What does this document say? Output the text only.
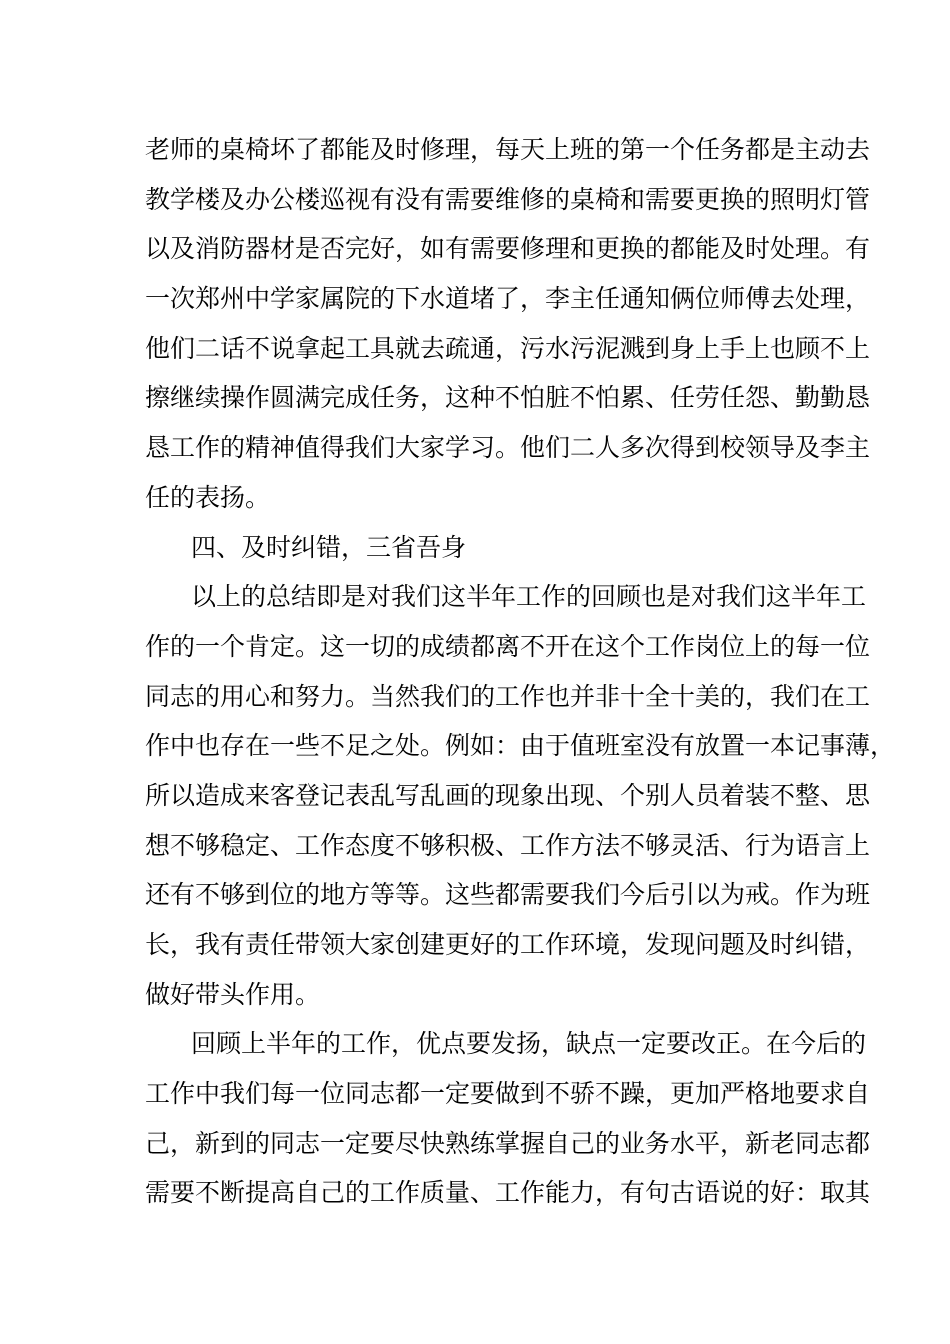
老师的桌椅坏了都能及时修理，每天上班的第一个任务都是主动去
教学楼及办公楼巡视有没有需要维修的桌椅和需要更换的照明灯管
以及消防器材是否完好，如有需要修理和更换的都能及时处理。有
一次郑州中学家属院的下水道堵了，李主任通知俩位师傅去处理，
他们二话不说拿起工具就去疏通，污水污泥溅到身上手上也顾不上
擦继续操作圆满完成任务，这种不怕脏不怕累、任劳任怨、勤勤恳
恳工作的精神值得我们大家学习。他们二人多次得到校领导及李主
任的表扬。
四、及时纠错，三省吾身
以上的总结即是对我们这半年工作的回顾也是对我们这半年工
作的一个肯定。这一切的成绩都离不开在这个工作岗位上的每一位
同志的用心和努力。当然我们的工作也并非十全十美的，我们在工
作中也存在一些不足之处。例如：由于值班室没有放置一本记事薄，
所以造成来客登记表乱写乱画的现象出现、个别人员着装不整、思
想不够稳定、工作态度不够积极、工作方法不够灵活、行为语言上
还有不够到位的地方等等。这些都需要我们今后引以为戒。作为班
长，我有责任带领大家创建更好的工作环境，发现问题及时纠错，
做好带头作用。
回顾上半年的工作，优点要发扬，缺点一定要改正。在今后的
工作中我们每一位同志都一定要做到不骄不躁，更加严格地要求自
己，新到的同志一定要尽快熟练掌握自己的业务水平，新老同志都
需要不断提高自己的工作质量、工作能力，有句古语说的好：取其
